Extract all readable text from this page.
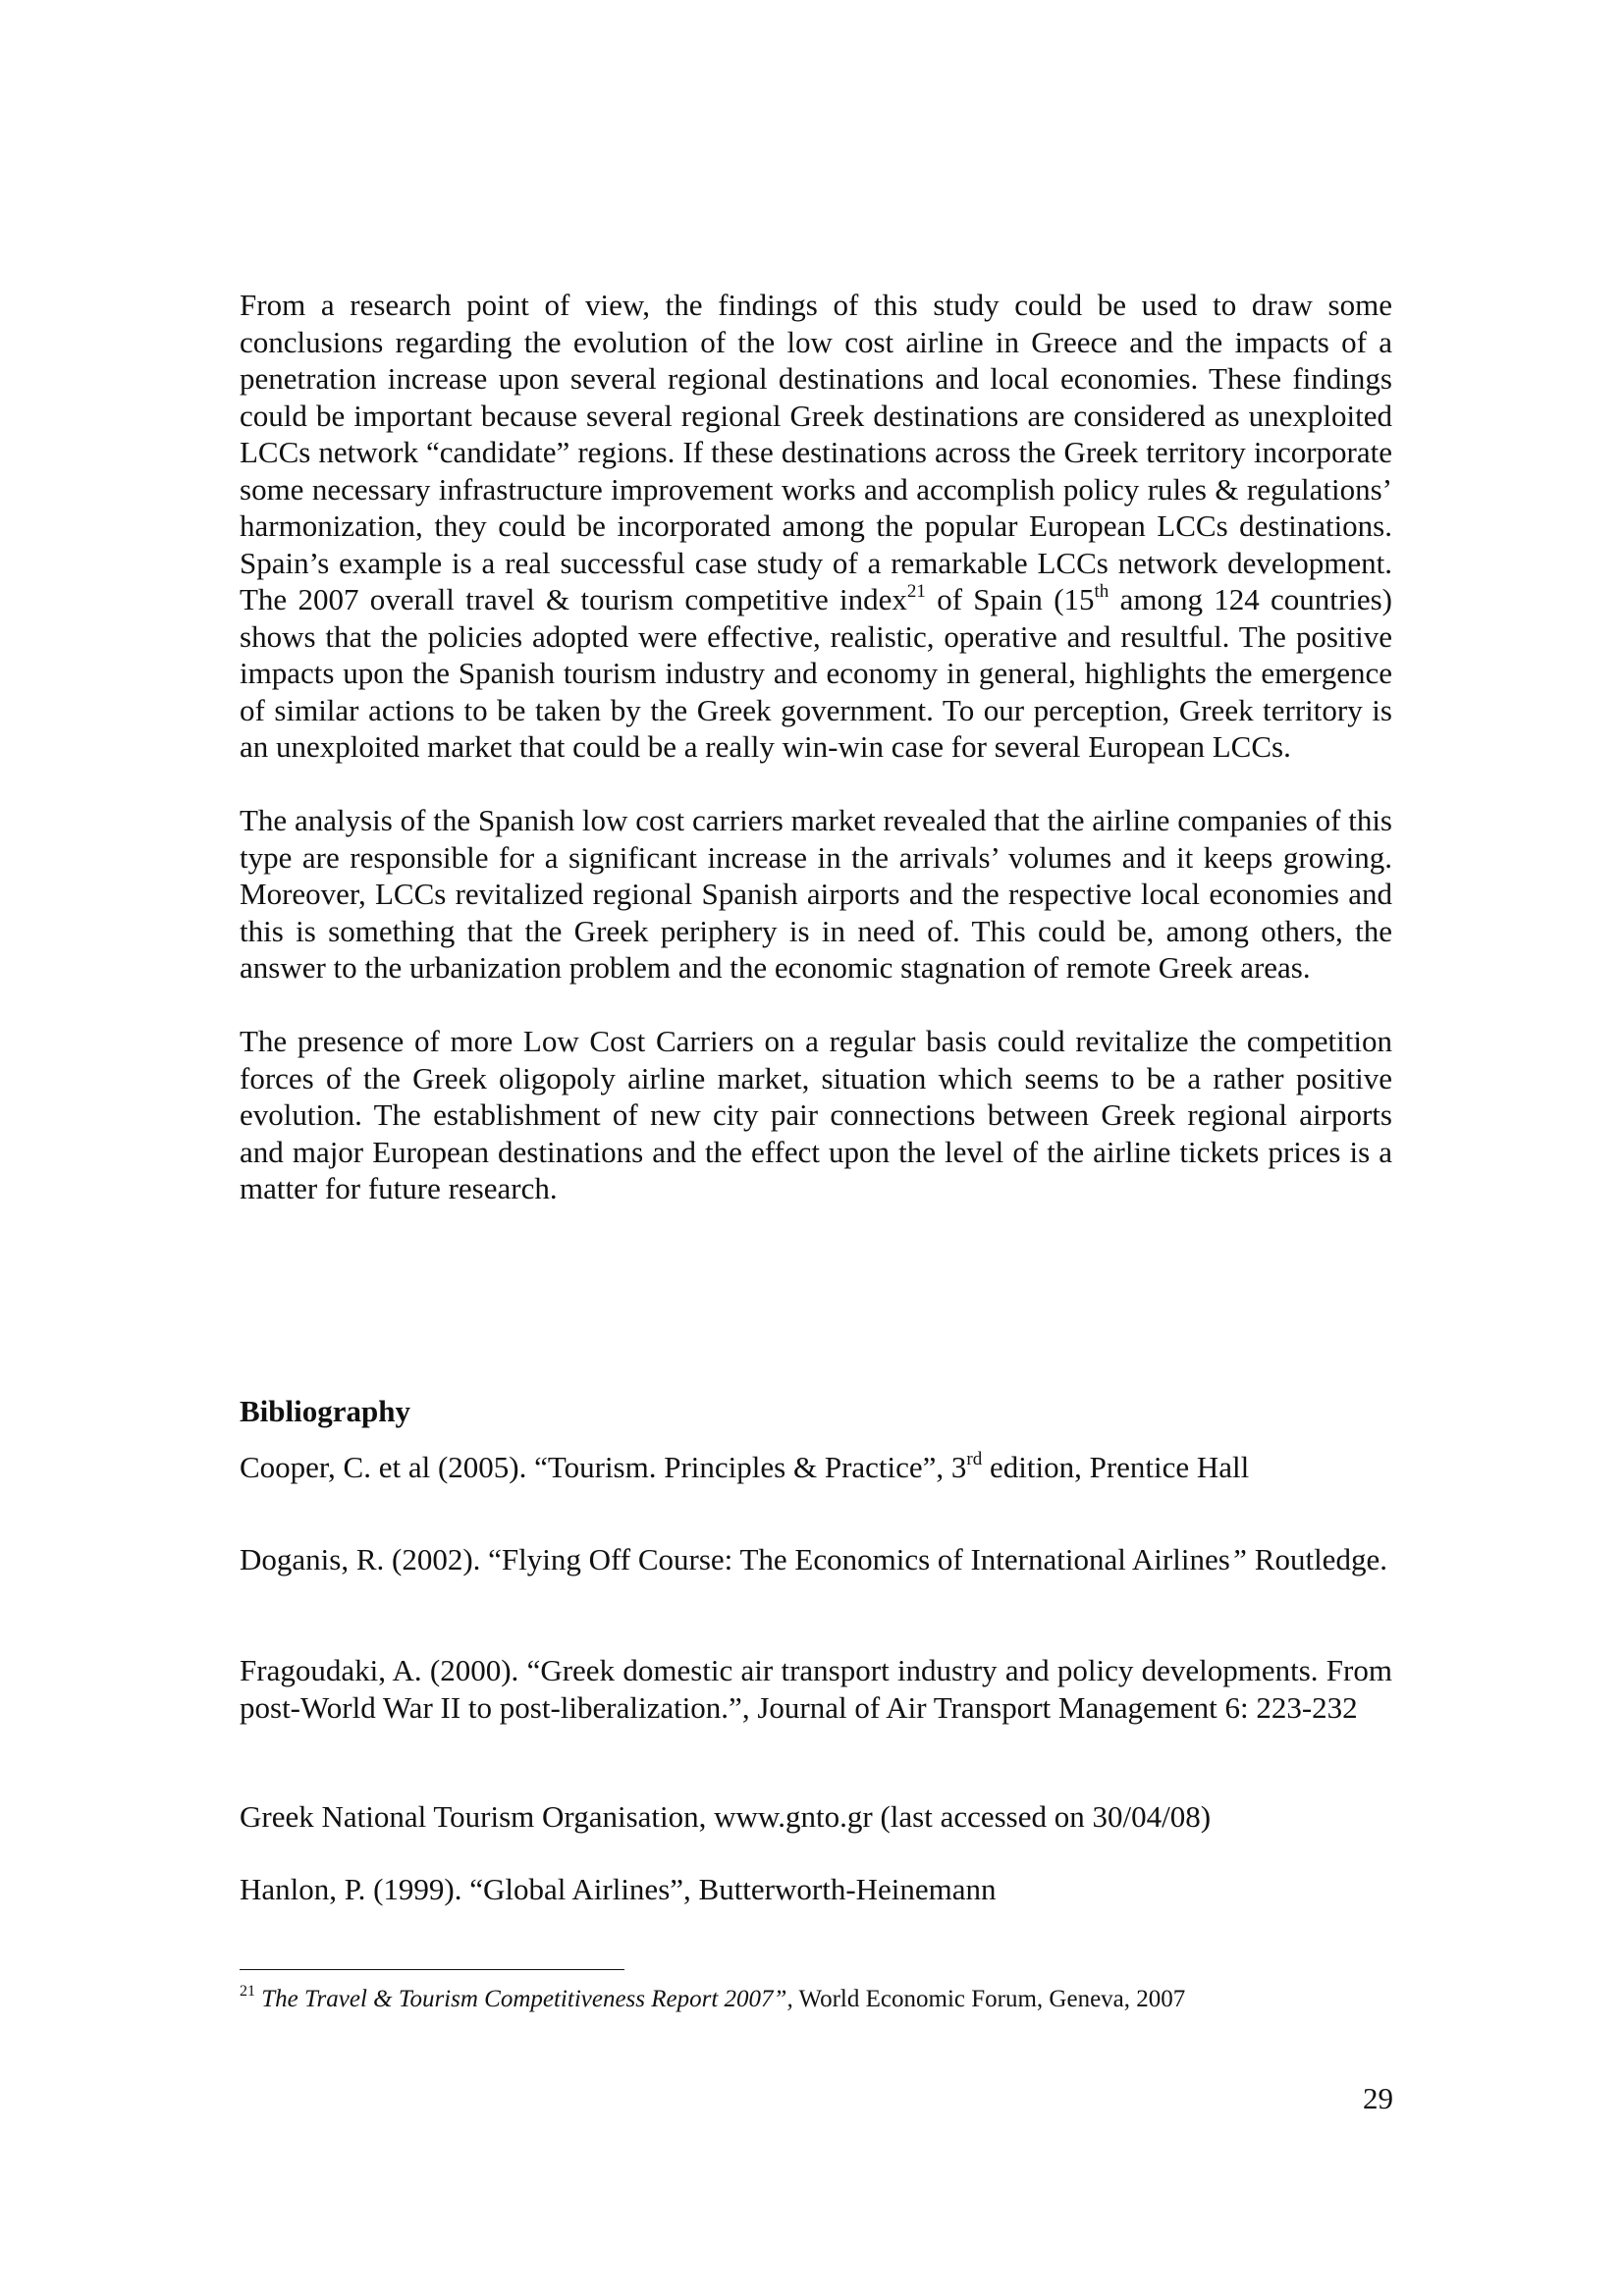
From a research point of view, the findings of this study could be used to draw some conclusions regarding the evolution of the low cost airline in Greece and the impacts of a penetration increase upon several regional destinations and local economies. These findings could be important because several regional Greek destinations are considered as unexploited LCCs network “candidate” regions. If these destinations across the Greek territory incorporate some necessary infrastructure improvement works and accomplish policy rules & regulations’ harmonization, they could be incorporated among the popular European LCCs destinations. Spain’s example is a real successful case study of a remarkable LCCs network development. The 2007 overall travel & tourism competitive index$^{21}$ of Spain (15th among 124 countries) shows that the policies adopted were effective, realistic, operative and resultful. The positive impacts upon the Spanish tourism industry and economy in general, highlights the emergence of similar actions to be taken by the Greek government. To our perception, Greek territory is an unexploited market that could be a really win-win case for several European LCCs.

The analysis of the Spanish low cost carriers market revealed that the airline companies of this type are responsible for a significant increase in the arrivals’ volumes and it keeps growing. Moreover, LCCs revitalized regional Spanish airports and the respective local economies and this is something that the Greek periphery is in need of. This could be, among others, the answer to the urbanization problem and the economic stagnation of remote Greek areas.

The presence of more Low Cost Carriers on a regular basis could revitalize the competition forces of the Greek oligopoly airline market, situation which seems to be a rather positive evolution. The establishment of new city pair connections between Greek regional airports and major European destinations and the effect upon the level of the airline tickets prices is a matter for future research.

Bibliography

Cooper, C. et al (2005). “Tourism. Principles & Practice”, 3rd edition, Prentice Hall

Doganis, R. (2002). “Flying Off Course: The Economics of International Airlines” Routledge.

Fragoudaki, A. (2000). “Greek domestic air transport industry and policy developments. From post-World War II to post-liberalization.”, Journal of Air Transport Management 6: 223-232

Greek National Tourism Organisation, www.gnto.gr (last accessed on 30/04/08)

Hanlon, P. (1999). “Global Airlines”, Butterworth-Heinemann

$^{21}$ The Travel & Tourism Competitiveness Report 2007”, World Economic Forum, Geneva, 2007

29
